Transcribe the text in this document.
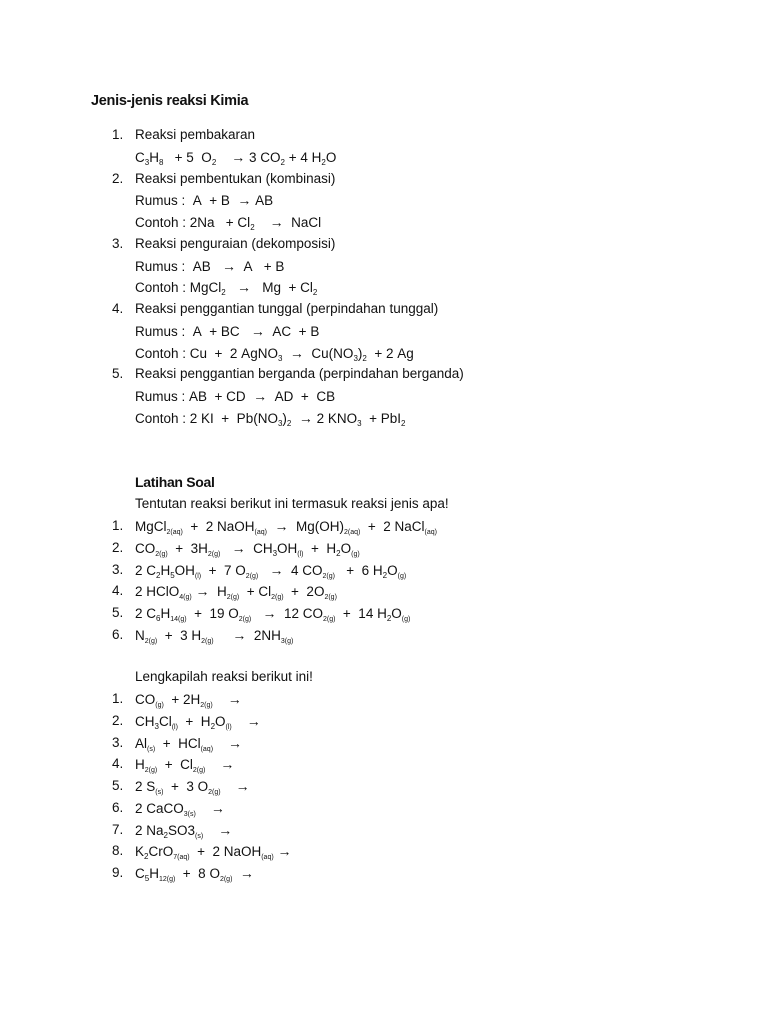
Jenis-jenis reaksi Kimia
1. Reaksi pembakaran
$C_3H_8 + 5$  $O_2 \to 3$ $CO_2 + 4$ $H_2O$
2. Reaksi pembentukan (kombinasi)
Rumus :  A  + B  → AB
Contoh : $2Na + Cl_2$ →  NaCl
3. Reaksi penguraian (dekomposisi)
Rumus :  AB   →  A   + B
Contoh : MgCl$_2$ →   $Mg + Cl_2$
4. Reaksi penggantian tunggal (perpindahan tunggal)
Rumus :  A  + BC   →  AC  + B
Contoh : Cu  +  2 AgNO$_3$ →  $Cu(NO_3)_2 + 2$ Ag
5. Reaksi penggantian berganda (perpindahan berganda)
Rumus : AB  + CD  →  AD  +  CB
Contoh : 2 KI  +  $Pb(NO_3)_2 \to 2$ $KNO_3 + PbI_2$
Latihan Soal
Tentutan reaksi berikut ini termasuk reaksi jenis apa!
1. MgCl$_{2(aq)}$  +  2 NaOH$_{(aq)}$ →  $Mg(OH)_{2(aq)} + 2$ NaCl$_{(aq)}$
2. $CO_{2(g)} + 3H_{2(g)} \to CH_3OH_{(l)} + H_2O_{(g)}$
3. 2 $C_2H_5OH_{(l)} + 7$ $O_{2(g)} \to 4$ $CO_{2(g)} + 6$ $H_2O_{(g)}$
4. 2 HClO$_{4(g)}$ →  $H_{2(g)} + Cl_{2(g)} + 2O_{2(g)}$
5. 2 $C_6H_{14(g)} + 19$ $O_{2(g)} \to 12$ $CO_{2(g)} + 14$ $H_2O_{(g)}$
6. $N_{2(g)} + 3$ $H_{2(g)} \to 2NH_{3(g)}$
Lengkapilah reaksi berikut ini!
1. $CO_{(g)} + 2H_{2(g)}$ →
2. $CH_3Cl_{(l)} + H_2O_{(l)}$ →
3. $Al_{(s)} + HCl_{(aq)}$ →
4. $H_{2(g)} + Cl_{2(g)}$ →
5. 2 $S_{(s)} + 3$ $O_{2(g)}$ →
6. 2 CaCO$_{3(s)}$ →
7. 2 $Na_2SO3_{(s)}$ →
8. $K_2CrO_{7(aq)} + 2$ NaOH$_{(aq)}$ →
9. $C_5H_{12(g)} + 8$ $O_{2(g)}$ →
